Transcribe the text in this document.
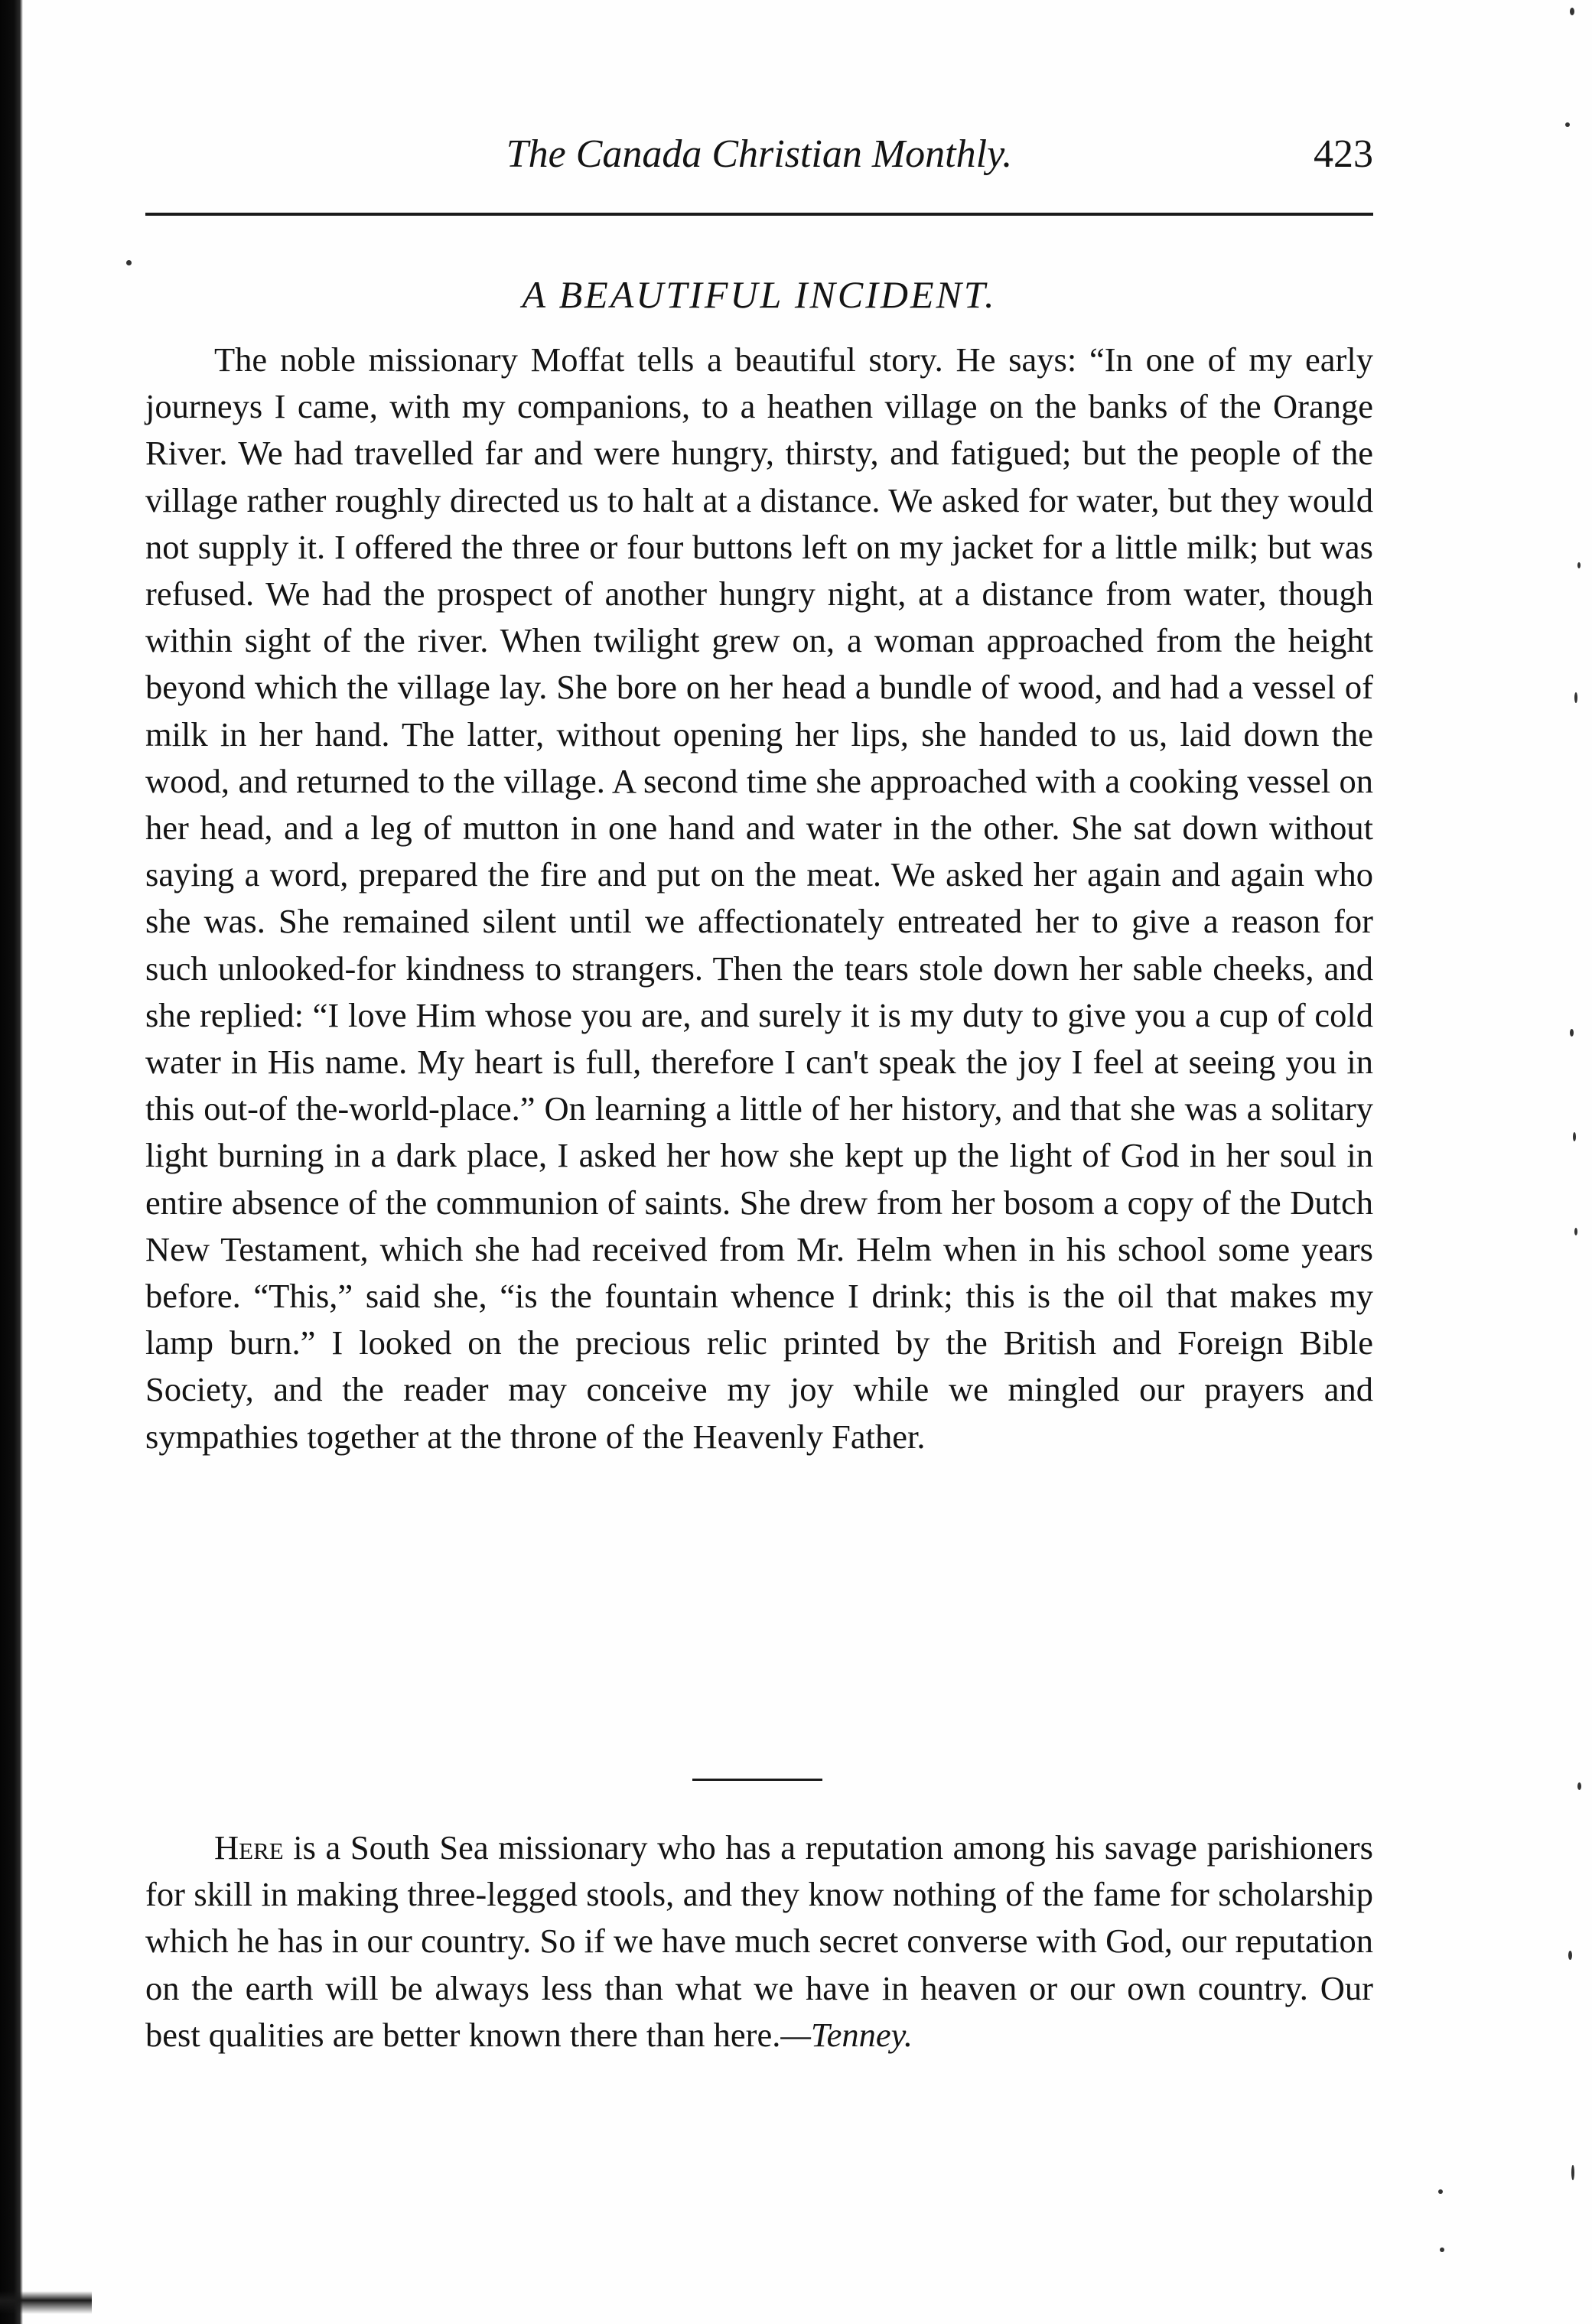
The Canada Christian Monthly.	423
A BEAUTIFUL INCIDENT.

The noble missionary Moffat tells a beautiful story. He says: “In one of my early journeys I came, with my companions, to a heathen village on the banks of the Orange River. We had travelled far and were hungry, thirsty, and fatigued; but the people of the village rather roughly directed us to halt at a distance. We asked for water, but they would not supply it. I offered the three or four buttons left on my jacket for a little milk; but was refused. We had the prospect of another hungry night, at a distance from water, though within sight of the river. When twilight grew on, a woman approached from the height beyond which the village lay. She bore on her head a bundle of wood, and had a vessel of milk in her hand. The latter, without opening her lips, she handed to us, laid down the wood, and returned to the village. A second time she approached with a cooking vessel on her head, and a leg of mutton in one hand and water in the other. She sat down without saying a word, prepared the fire and put on the meat. We asked her again and again who she was. She remained silent until we affectionately entreated her to give a reason for such unlooked-for kindness to strangers. Then the tears stole down her sable cheeks, and she replied: “I love Him whose you are, and surely it is my duty to give you a cup of cold water in His name. My heart is full, therefore I can't speak the joy I feel at seeing you in this out-of the-world-place.” On learning a little of her history, and that she was a solitary light burning in a dark place, I asked her how she kept up the light of God in her soul in entire absence of the communion of saints. She drew from her bosom a copy of the Dutch New Testament, which she had received from Mr. Helm when in his school some years before. “This,” said she, “is the fountain whence I drink; this is the oil that makes my lamp burn.” I looked on the precious relic printed by the British and Foreign Bible Society, and the reader may conceive my joy while we mingled our prayers and sympathies together at the throne of the Heavenly Father.

Here is a South Sea missionary who has a reputation among his savage parishioners for skill in making three-legged stools, and they know nothing of the fame for scholarship which he has in our country. So if we have much secret converse with God, our reputation on the earth will be always less than what we have in heaven or our own country. Our best qualities are better known there than here.—Tenney.
